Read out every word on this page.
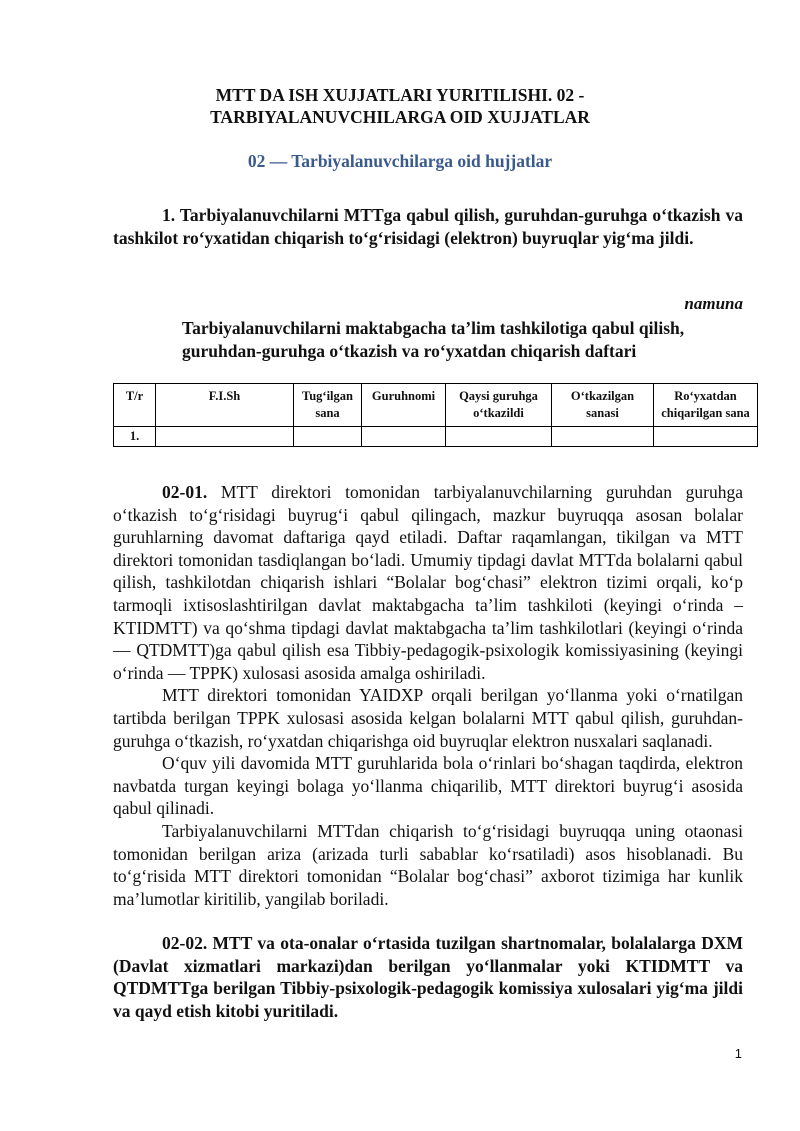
MTT DA ISH XUJJATLARI YURITILISHI. 02 -
TARBIYALANUVCHILARGA OID XUJJATLAR
02 — Tarbiyalanuvchilarga oid hujjatlar

1. Tarbiyalanuvchilarni MTTga qabul qilish, guruhdan-guruhga o‘tkazish va tashkilot ro‘yxatidan chiqarish to‘g‘risidagi (elektron) buyruqlar yig‘ma jildi.

namuna
Tarbiyalanuvchilarni maktabgacha ta’lim tashkilotiga qabul qilish, guruhdan-guruhga o‘tkazish va ro‘yxatdan chiqarish daftari
T/r	F.I.Sh	Tug‘ilgan sana	Guruhnomi	Qaysi guruhga o‘tkazildi	O‘tkazilgan sanasi	Ro‘yxatdan chiqarilgan sana
1.						

02-01. MTT direktori tomonidan tarbiyalanuvchilarning guruhdan guruhga o‘tkazish to‘g‘risidagi buyrug‘i qabul qilingach, mazkur buyruqqa asosan bolalar guruhlarning davomat daftariga qayd etiladi. Daftar raqamlangan, tikilgan va MTT direktori tomonidan tasdiqlangan bo‘ladi. Umumiy tipdagi davlat MTTda bolalarni qabul qilish, tashkilotdan chiqarish ishlari “Bolalar bog‘chasi” elektron tizimi orqali, ko‘p tarmoqli ixtisoslashtirilgan davlat maktabgacha ta’lim tashkiloti (keyingi o‘rinda – KTIDMTT) va qo‘shma tipdagi davlat maktabgacha ta’lim tashkilotlari (keyingi o‘rinda — QTDMTT)ga qabul qilish esa Tibbiy-pedagogik-psixologik komissiyasining (keyingi o‘rinda — TPPK) xulosasi asosida amalga oshiriladi.

MTT direktori tomonidan YAIDXP orqali berilgan yo‘llanma yoki o‘rnatilgan tartibda berilgan TPPK xulosasi asosida kelgan bolalarni MTT qabul qilish, guruhdan-guruhga o‘tkazish, ro‘yxatdan chiqarishga oid buyruqlar elektron nusxalari saqlanadi.

O‘quv yili davomida MTT guruhlarida bola o‘rinlari bo‘shagan taqdirda, elektron navbatda turgan keyingi bolaga yo‘llanma chiqarilib, MTT direktori buyrug‘i asosida qabul qilinadi.

Tarbiyalanuvchilarni MTTdan chiqarish to‘g‘risidagi buyruqqa uning otaonasi tomonidan berilgan ariza (arizada turli sabablar ko‘rsatiladi) asos hisoblanadi. Bu to‘g‘risida MTT direktori tomonidan “Bolalar bog‘chasi” axborot tizimiga har kunlik ma’lumotlar kiritilib, yangilab boriladi.

02-02. MTT va ota-onalar o‘rtasida tuzilgan shartnomalar, bolalalarga DXM (Davlat xizmatlari markazi)dan berilgan yo‘llanmalar yoki KTIDMTT va QTDMTTga berilgan Tibbiy-psixologik-pedagogik komissiya xulosalari yig‘ma jildi va qayd etish kitobi yuritiladi.

1
